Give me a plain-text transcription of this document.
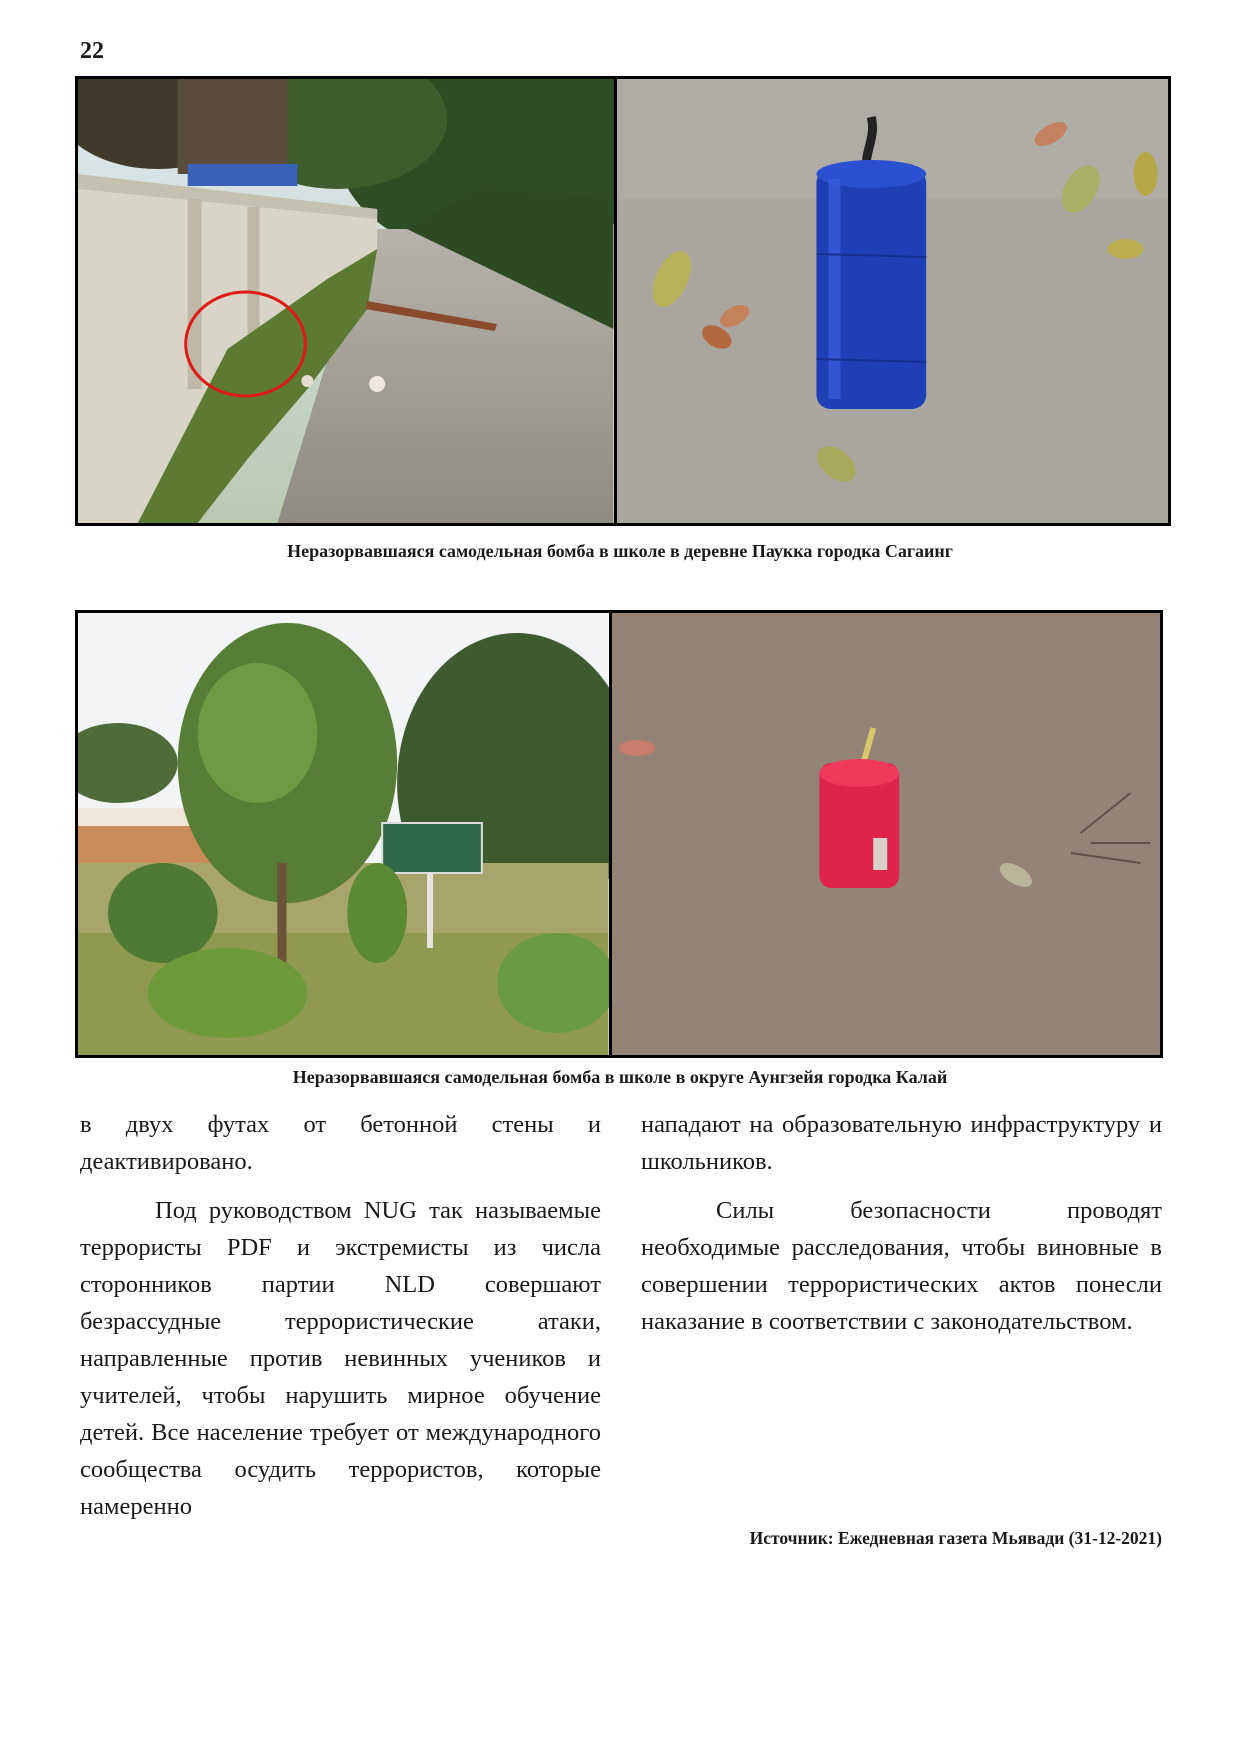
22
Неразорвавшаяся самодельная бомба в школе в деревне Паукка городка Сагаинг
Неразорвавшаяся самодельная бомба в школе в округе Аунгзейя городка Калай

в двух футах от бетонной стены и деактивировано.

Под руководством NUG так называемые террористы PDF и экстремисты из числа сторонников партии NLD совершают безрассудные террористические атаки, направленные против невинных учеников и учителей, чтобы нарушить мирное обучение детей. Все население требует от международного сообщества осудить террористов, которые намеренно

нападают на образовательную инфраструктуру и школьников.

Силы безопасности проводят необходимые расследования, чтобы виновные в совершении террористических актов понесли наказание в соответствии с законодательством.

Источник: Ежедневная газета Мьявади (31-12-2021)
